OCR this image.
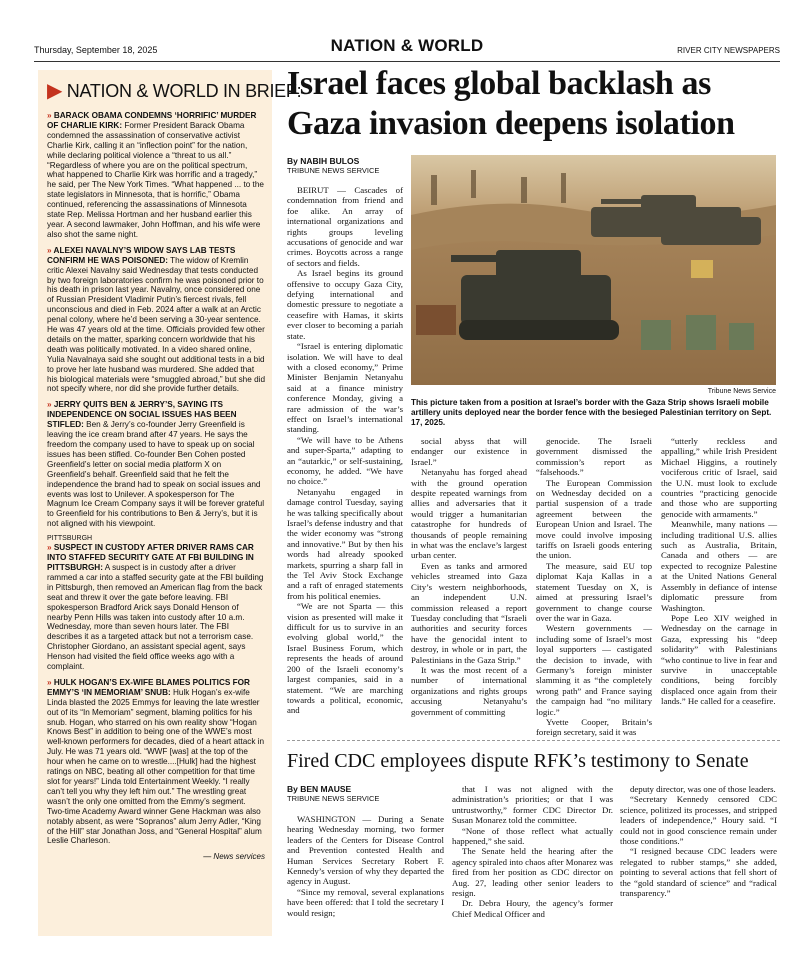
Thursday, September 18, 2025	NATION & WORLD	RIVER CITY NEWSPAPERS
▶ NATION & WORLD IN BRIEF:
» BARACK OBAMA CONDEMNS ‘HORRIFIC’ MURDER OF CHARLIE KIRK: Former President Barack Obama condemned the assassination of conservative activist Charlie Kirk, calling it an “inflection point” for the nation, while declaring political violence a “threat to us all.” “Regardless of where you are on the political spectrum, what happened to Charlie Kirk was horrific and a tragedy,” he said, per The New York Times. “What happened ... to the state legislators in Minnesota, that is horrific,” Obama continued, referencing the assassinations of Minnesota state Rep. Melissa Hortman and her husband earlier this year. A second lawmaker, John Hoffman, and his wife were also shot the same night.
» ALEXEI NAVALNY’S WIDOW SAYS LAB TESTS CONFIRM HE WAS POISONED: The widow of Kremlin critic Alexei Navalny said Wednesday that tests conducted by two foreign laboratories confirm he was poisoned prior to his death in prison last year. Navalny, once considered one of Russian President Vladimir Putin’s fiercest rivals, fell unconscious and died in Feb. 2024 after a walk at an Arctic penal colony, where he’d been serving a 30-year sentence. He was 47 years old at the time. Officials provided few other details on the matter, sparking concern worldwide that his death was politically motivated. In a video shared online, Yulia Navalnaya said she sought out additional tests in a bid to prove her late husband was murdered. She added that his biological materials were “smuggled abroad,” but she did not specify where, nor did she provide further details.
» JERRY QUITS BEN & JERRY’S, SAYING ITS INDEPENDENCE ON SOCIAL ISSUES HAS BEEN STIFLED: Ben & Jerry’s co-founder Jerry Greenfield is leaving the ice cream brand after 47 years. He says the freedom the company used to have to speak up on social issues has been stifled. Co-founder Ben Cohen posted Greenfield’s letter on social media platform X on Greenfield’s behalf. Greenfield said that he felt the independence the brand had to speak on social issues and events was lost to Unilever. A spokesperson for The Magnum Ice Cream Company says it will be forever grateful to Greenfield for his contributions to Ben & Jerry’s, but it is not aligned with his viewpoint.
PITTSBURGH
» SUSPECT IN CUSTODY AFTER DRIVER RAMS CAR INTO STAFFED SECURITY GATE AT FBI BUILDING IN PITTSBURGH: A suspect is in custody after a driver rammed a car into a staffed security gate at the FBI building in Pittsburgh, then removed an American flag from the back seat and threw it over the gate before leaving. FBI spokesperson Bradford Arick says Donald Henson of nearby Penn Hills was taken into custody after 10 a.m. Wednesday, more than seven hours later. The FBI describes it as a targeted attack but not a terrorism case. Christopher Giordano, an assistant special agent, says Henson had visited the field office weeks ago with a complaint.
» HULK HOGAN’S EX-WIFE BLAMES POLITICS FOR EMMY’S ‘IN MEMORIAM’ SNUB: Hulk Hogan’s ex-wife Linda blasted the 2025 Emmys for leaving the late wrestler out of its “In Memoriam” segment, blaming politics for his snub. Hogan, who starred on his own reality show “Hogan Knows Best” in addition to being one of the WWE’s most well-known performers for decades, died of a heart attack in July. He was 71 years old. “WWF [was] at the top of the hour when he came on to wrestle....[Hulk] had the highest ratings on NBC, beating all other competition for that time slot for years!” Linda told Entertainment Weekly. “I really can’t tell you why they left him out.” The wrestling great wasn’t the only one omitted from the Emmy’s segment. Two-time Academy Award winner Gene Hackman was also notably absent, as were “Sopranos” alum Jerry Adler, “King of the Hill” star Jonathan Joss, and “General Hospital” alum Leslie Charleson.
— News services
Israel faces global backlash as Gaza invasion deepens isolation
By NABIH BULOS
TRIBUNE NEWS SERVICE

BEIRUT — Cascades of condemnation from friend and foe alike. An array of international organizations and rights groups leveling accusations of genocide and war crimes. Boycotts across a range of sectors and fields.

As Israel begins its ground offensive to occupy Gaza City, defying international and domestic pressure to negotiate a ceasefire with Hamas, it skirts ever closer to becoming a pariah state.

“Israel is entering diplomatic isolation. We will have to deal with a closed economy,” Prime Minister Benjamin Netanyahu said at a finance ministry conference Monday, giving a rare admission of the war’s effect on Israel’s international standing.

“We will have to be Athens and super-Sparta,” adapting to an “autarkic,” or self-sustaining, economy, he added. “We have no choice.”

Netanyahu engaged in damage control Tuesday, saying he was talking specifically about Israel’s defense industry and that the wider economy was “strong and innovative.” But by then his words had already spooked markets, spurring a sharp fall in the Tel Aviv Stock Exchange and a raft of enraged statements from his political enemies.

“We are not Sparta — this vision as presented will make it difficult for us to survive in an evolving global world,” the Israel Business Forum, which represents the heads of around 200 of the Israeli economy’s largest companies, said in a statement. “We are marching towards a political, economic, and

social abyss that will endanger our existence in Israel.”

Netanyahu has forged ahead with the ground operation despite repeated warnings from allies and adversaries that it would trigger a humanitarian catastrophe for hundreds of thousands of people remaining in what was the enclave’s largest urban center.

Even as tanks and armored vehicles streamed into Gaza City’s western neighborhoods, an independent U.N. commission released a report Tuesday concluding that “Israeli authorities and security forces have the genocidal intent to destroy, in whole or in part, the Palestinians in the Gaza Strip.”

It was the most recent of a number of international organizations and rights groups accusing Netanyahu’s government of committing

genocide. The Israeli government dismissed the commission’s report as “falsehoods.”

The European Commission on Wednesday decided on a partial suspension of a trade agreement between the European Union and Israel. The move could involve imposing tariffs on Israeli goods entering the union.

The measure, said EU top diplomat Kaja Kallas in a statement Tuesday on X, is aimed at pressuring Israel’s government to change course over the war in Gaza.

Western governments — including some of Israel’s most loyal supporters — castigated the decision to invade, with Germany’s foreign minister slamming it as “the completely wrong path” and France saying the campaign had “no military logic.”

Yvette Cooper, Britain’s foreign secretary, said it was

“utterly reckless and appalling,” while Irish President Michael Higgins, a routinely vociferous critic of Israel, said the U.N. must look to exclude countries “practicing genocide and those who are supporting genocide with armaments.”

Meanwhile, many nations — including traditional U.S. allies such as Australia, Britain, Canada and others — are expected to recognize Palestine at the United Nations General Assembly in defiance of intense diplomatic pressure from Washington.

Pope Leo XIV weighed in Wednesday on the carnage in Gaza, expressing his “deep solidarity” with Palestinians “who continue to live in fear and survive in unacceptable conditions, being forcibly displaced once again from their lands.” He called for a ceasefire.

Tribune News Service
This picture taken from a position at Israel’s border with the Gaza Strip shows Israeli mobile artillery units deployed near the border fence with the besieged Palestinian territory on Sept. 17, 2025.
Fired CDC employees dispute RFK’s testimony to Senate
By BEN MAUSE
TRIBUNE NEWS SERVICE

WASHINGTON — During a Senate hearing Wednesday morning, two former leaders of the Centers for Disease Control and Prevention contested Health and Human Services Secretary Robert F. Kennedy’s version of why they departed the agency in August.

“Since my removal, several explanations have been offered: that I told the secretary I would resign;

that I was not aligned with the administration’s priorities; or that I was untrustworthy,” former CDC Director Dr. Susan Monarez told the committee.

“None of those reflect what actually happened,” she said.

The Senate held the hearing after the agency spiraled into chaos after Monarez was fired from her position as CDC director on Aug. 27, leading other senior leaders to resign.

Dr. Debra Houry, the agency’s former Chief Medical Officer and

deputy director, was one of those leaders.

“Secretary Kennedy censored CDC science, politized its processes, and stripped leaders of independence,” Houry said. “I could not in good conscience remain under those conditions.”

“I resigned because CDC leaders were relegated to rubber stamps,” she added, pointing to several actions that fell short of the “gold standard of science” and “radical transparency.”
